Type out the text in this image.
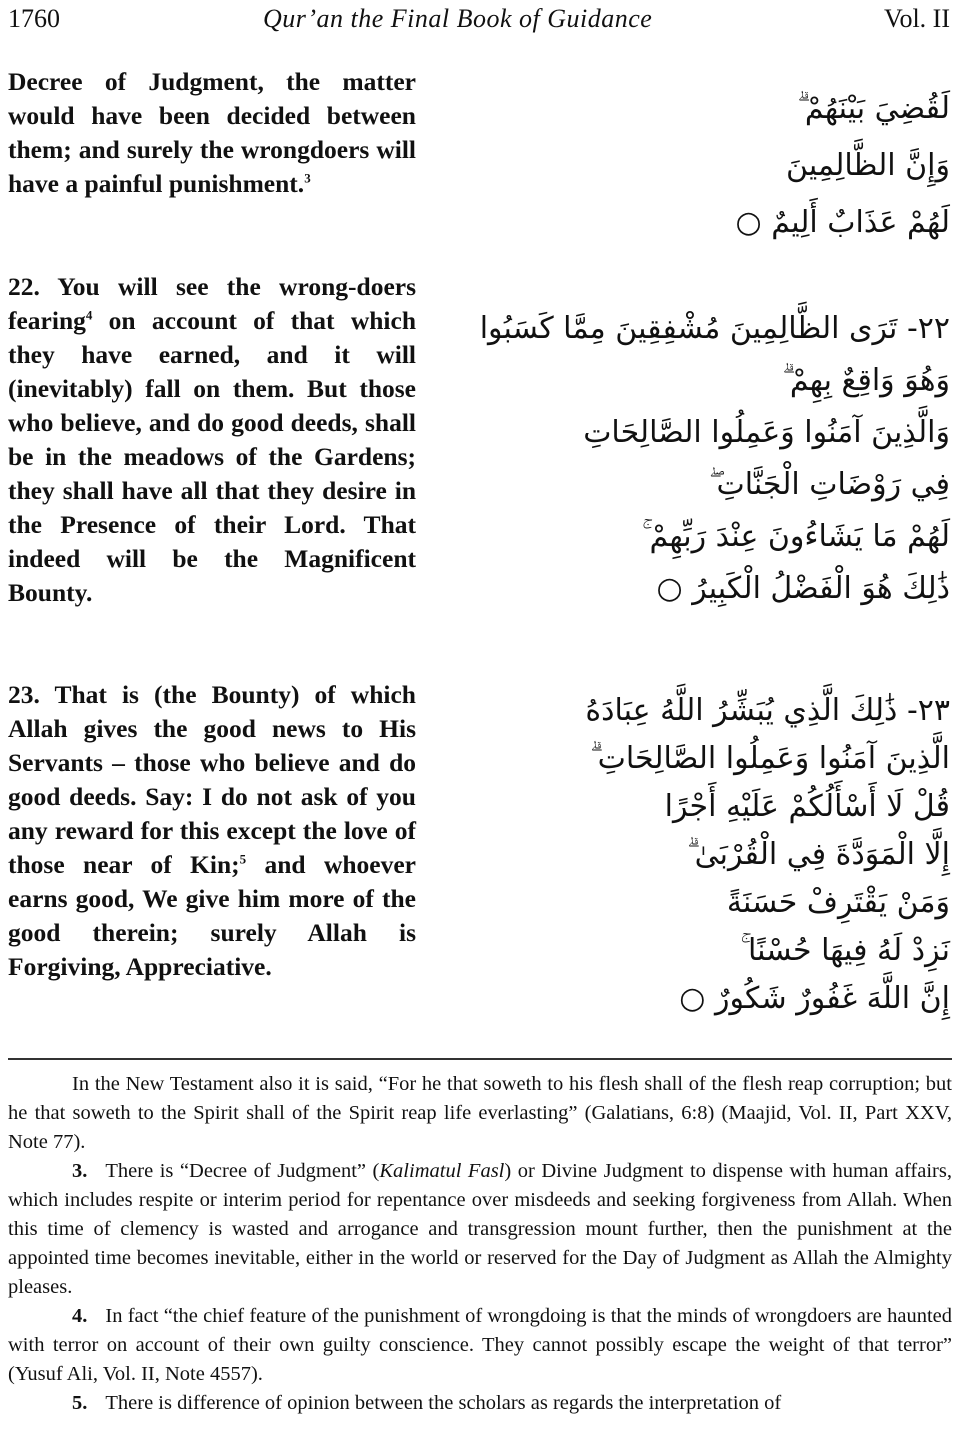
1760	Qur’an the Final Book of Guidance	Vol. II

Decree of Judgment, the matter would have been decided between them; and surely the wrongdoers will have a painful punishment.$^3$

22. You will see the wrong-doers fearing$^4$ on account of that which they have earned, and it will (inevitably) fall on them. But those who believe, and do good deeds, shall be in the meadows of the Gardens; they shall have all that they desire in the Presence of their Lord. That indeed will be the Magnificent Bounty.

23. That is (the Bounty) of which Allah gives the good news to His Servants – those who believe and do good deeds. Say: I do not ask of you any reward for this except the love of those near of Kin;$^5$ and whoever earns good, We give him more of the good therein; surely Allah is Forgiving, Appreciative.

لَقُضِيَ بَيْنَهُمْ ۗ
وَإِنَّ الظَّالِمِينَ
لَهُمْ عَذَابٌ أَلِيمٌ ○
٢٢- تَرَى الظَّالِمِينَ مُشْفِقِينَ مِمَّا كَسَبُوا
وَهُوَ وَاقِعٌ بِهِمْ ۗ
وَالَّذِينَ آمَنُوا وَعَمِلُوا الصَّالِحَاتِ
فِي رَوْضَاتِ الْجَنَّاتِ ۖ
لَهُمْ مَا يَشَاءُونَ عِنْدَ رَبِّهِمْ ۚ
ذَٰلِكَ هُوَ الْفَضْلُ الْكَبِيرُ ○
٢٣- ذَٰلِكَ الَّذِي يُبَشِّرُ اللَّهُ عِبَادَهُ
الَّذِينَ آمَنُوا وَعَمِلُوا الصَّالِحَاتِ ۗ
قُلْ لَا أَسْأَلُكُمْ عَلَيْهِ أَجْرًا
إِلَّا الْمَوَدَّةَ فِي الْقُرْبَىٰ ۗ
وَمَنْ يَقْتَرِفْ حَسَنَةً
نَزِدْ لَهُ فِيهَا حُسْنًا ۚ
إِنَّ اللَّهَ غَفُورٌ شَكُورٌ ○

In the New Testament also it is said, “For he that soweth to his flesh shall of the flesh reap corruption; but he that soweth to the Spirit shall of the Spirit reap life everlasting” (Galatians, 6:8) (Maajid, Vol. II, Part XXV, Note 77).

3. There is “Decree of Judgment” (Kalimatul Fasl) or Divine Judgment to dispense with human affairs, which includes respite or interim period for repentance over misdeeds and seeking forgiveness from Allah. When this time of clemency is wasted and arrogance and transgression mount further, then the punishment at the appointed time becomes inevitable, either in the world or reserved for the Day of Judgment as Allah the Almighty pleases.

4. In fact “the chief feature of the punishment of wrongdoing is that the minds of wrongdoers are haunted with terror on account of their own guilty conscience. They cannot possibly escape the weight of that terror” (Yusuf Ali, Vol. II, Note 4557).

5. There is difference of opinion between the scholars as regards the interpretation of
